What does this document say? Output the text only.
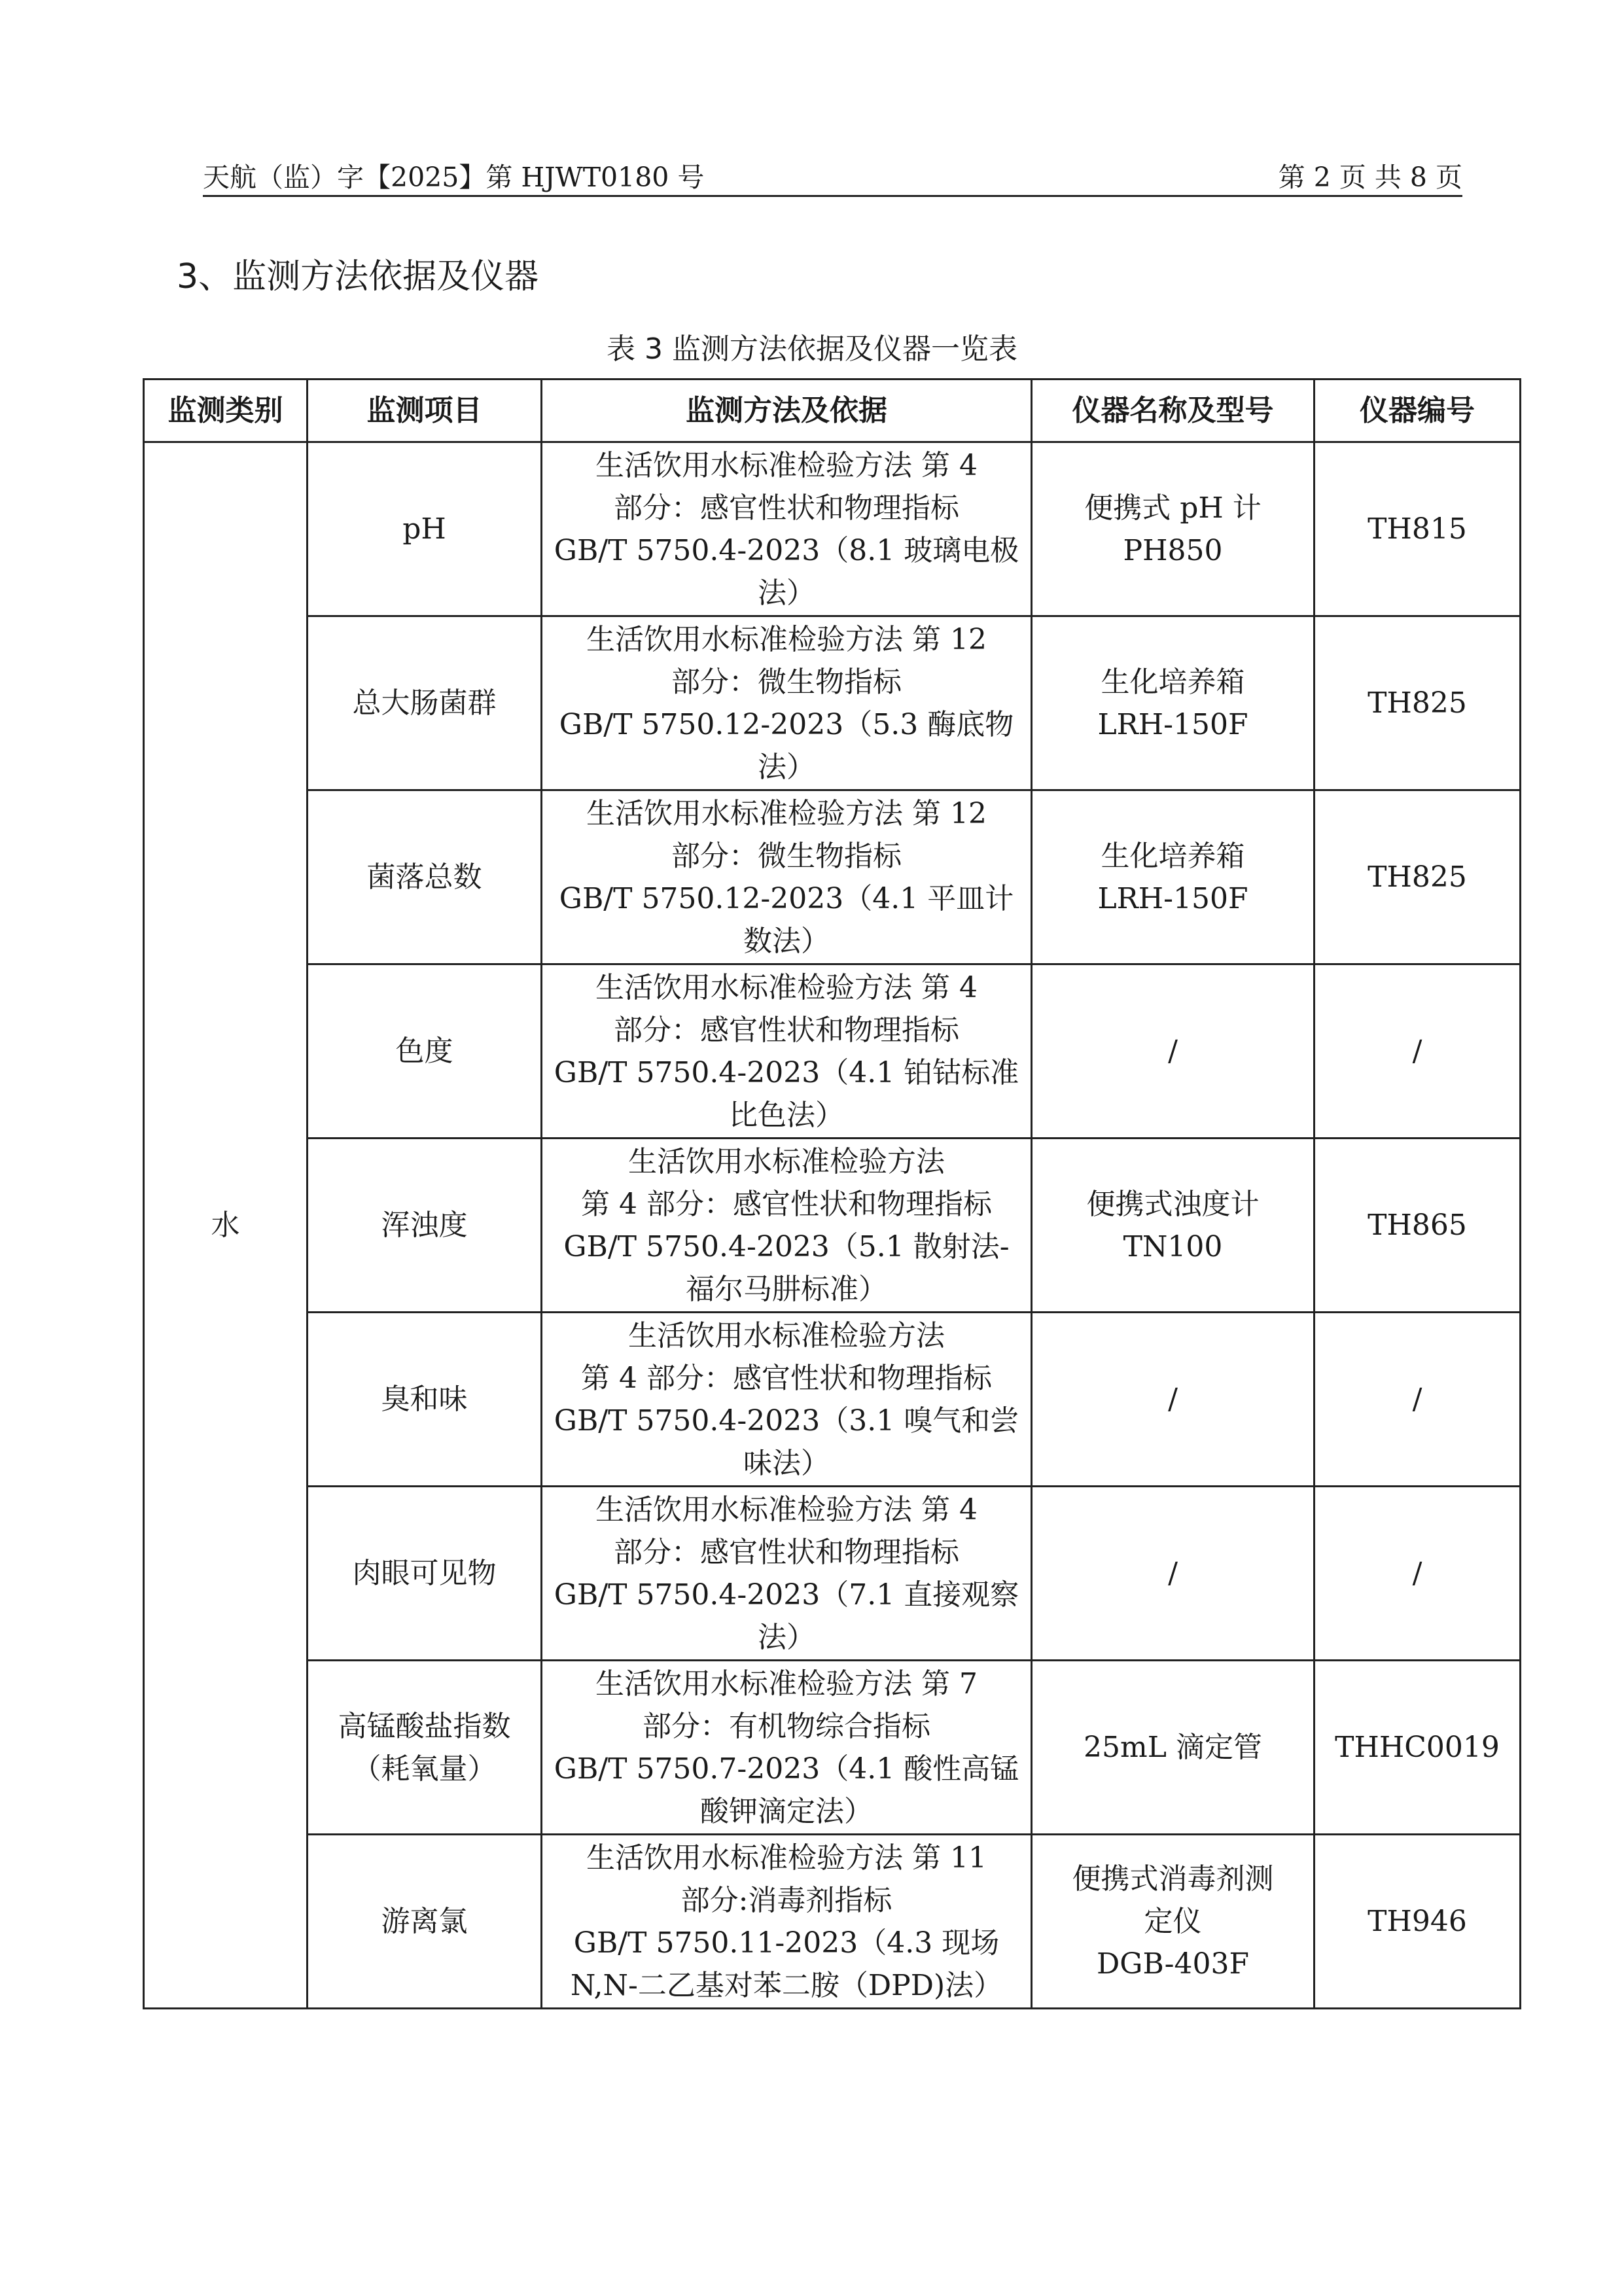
天航（监）字【2025】第 HJWT0180 号	第 2 页 共 8 页
3、监测方法依据及仪器
表 3 监测方法依据及仪器一览表
监测类别	监测项目	监测方法及依据	仪器名称及型号	仪器编号
水	pH	生活饮用水标准检验方法 第 4
部分：感官性状和物理指标
GB/T 5750.4-2023（8.1 玻璃电极
法）	便携式 pH 计
PH850	TH815

	总大肠菌群	生活饮用水标准检验方法 第 12
部分：微生物指标
GB/T 5750.12-2023（5.3 酶底物
法）	生化培养箱
LRH-150F	TH825

	菌落总数	生活饮用水标准检验方法 第 12
部分：微生物指标
GB/T 5750.12-2023（4.1 平皿计
数法）	生化培养箱
LRH-150F	TH825

	色度	生活饮用水标准检验方法 第 4
部分：感官性状和物理指标
GB/T 5750.4-2023（4.1 铂钴标准
比色法）	/	/

	浑浊度	生活饮用水标准检验方法
第 4 部分：感官性状和物理指标
GB/T 5750.4-2023（5.1 散射法-
福尔马肼标准）	便携式浊度计
TN100	TH865

	臭和味	生活饮用水标准检验方法
第 4 部分：感官性状和物理指标
GB/T 5750.4-2023（3.1 嗅气和尝
味法）	/	/

	肉眼可见物	生活饮用水标准检验方法 第 4
部分：感官性状和物理指标
GB/T 5750.4-2023（7.1 直接观察
法）	/	/

	高锰酸盐指数
（耗氧量）	生活饮用水标准检验方法 第 7
部分：有机物综合指标
GB/T 5750.7-2023（4.1 酸性高锰
酸钾滴定法）	25mL 滴定管	THHC0019

	游离氯	生活饮用水标准检验方法 第 11
部分:消毒剂指标
GB/T 5750.11-2023（4.3 现场
N,N-二乙基对苯二胺（DPD)法）	便携式消毒剂测
定仪
DGB-403F	TH946
